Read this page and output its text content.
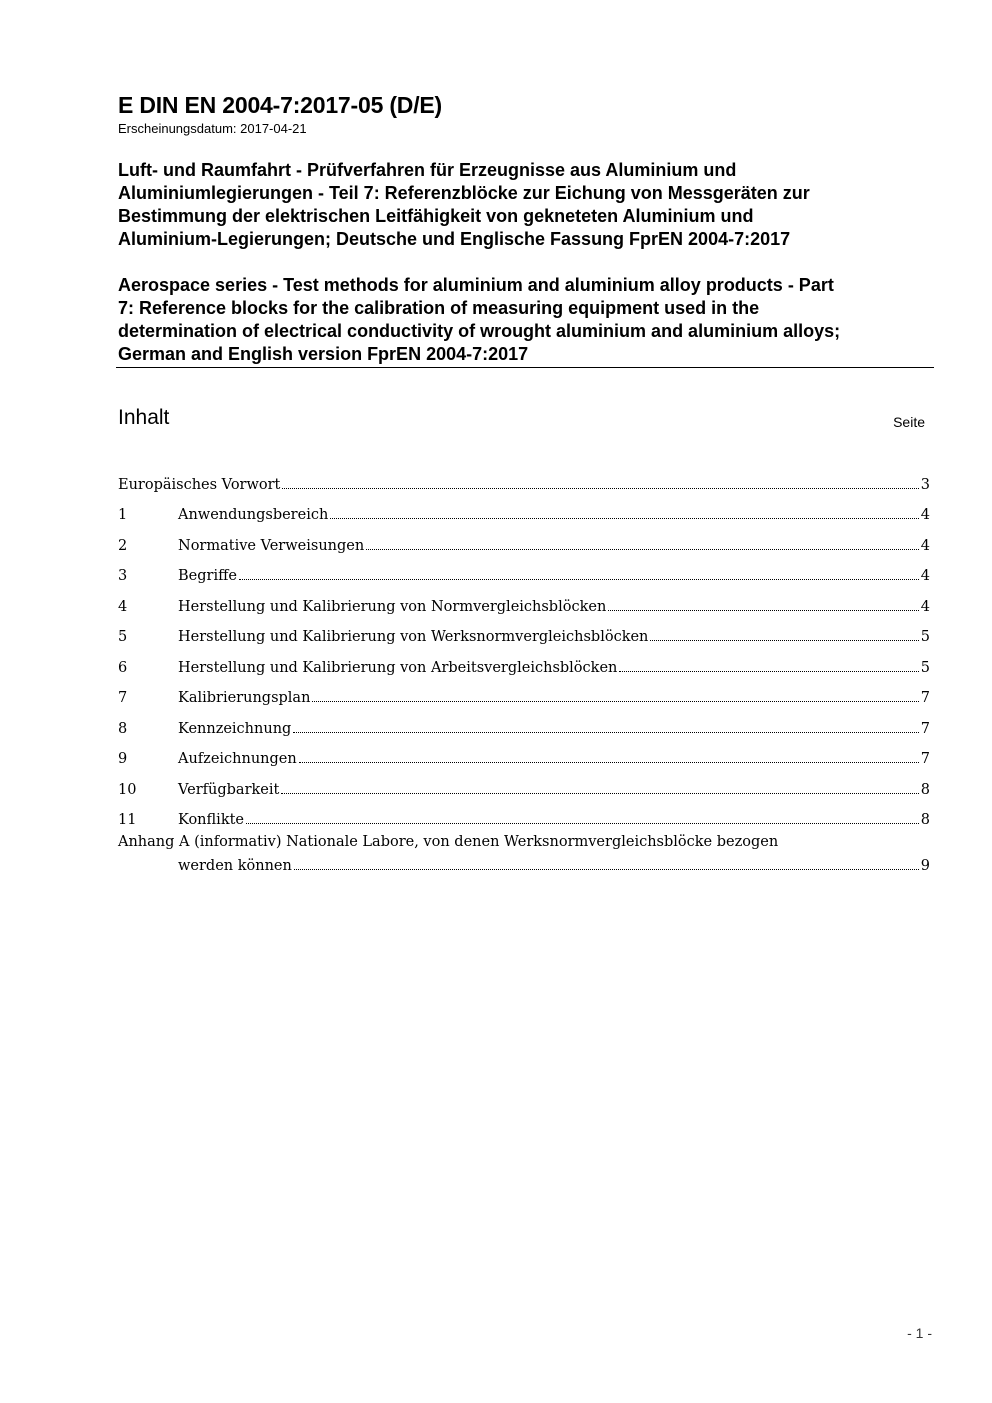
E DIN EN 2004-7:2017-05 (D/E)
Erscheinungsdatum: 2017-04-21
Luft- und Raumfahrt - Prüfverfahren für Erzeugnisse aus Aluminium und
Aluminiumlegierungen - Teil 7: Referenzblöcke zur Eichung von Messgeräten zur
Bestimmung der elektrischen Leitfähigkeit von gekneteten Aluminium und
Aluminium-Legierungen; Deutsche und Englische Fassung FprEN 2004-7:2017
Aerospace series - Test methods for aluminium and aluminium alloy products - Part
7: Reference blocks for the calibration of measuring equipment used in the
determination of electrical conductivity of wrought aluminium and aluminium alloys;
German and English version FprEN 2004-7:2017
Inhalt	Seite
Europäisches Vorwort	3
1	Anwendungsbereich	4
2	Normative Verweisungen	4
3	Begriffe	4
4	Herstellung und Kalibrierung von Normvergleichsblöcken	4
5	Herstellung und Kalibrierung von Werksnormvergleichsblöcken	5
6	Herstellung und Kalibrierung von Arbeitsvergleichsblöcken	5
7	Kalibrierungsplan	7
8	Kennzeichnung	7
9	Aufzeichnungen	7
10	Verfügbarkeit	8
11	Konflikte	8
Anhang A (informativ) Nationale Labore, von denen Werksnormvergleichsblöcke bezogen
werden können	9
- 1 -
